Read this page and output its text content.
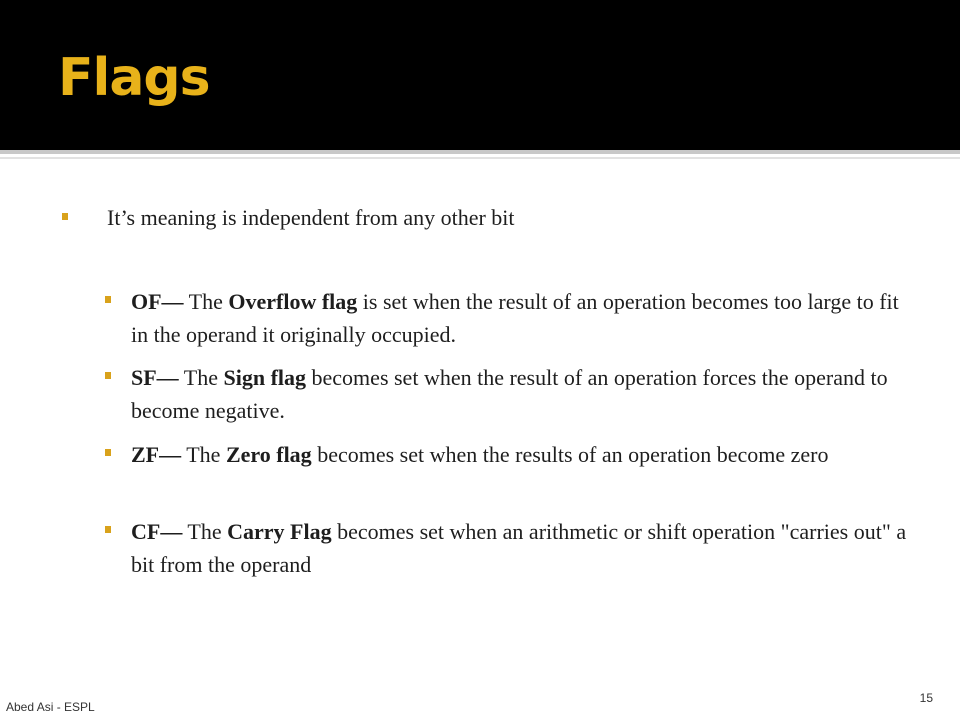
Flags
It’s meaning is independent from any other bit
OF— The Overflow flag is set when the result of an operation becomes too large to fit in the operand it originally occupied.
SF— The Sign flag becomes set when the result of an operation forces the operand to become negative.
ZF— The Zero flag becomes set when the results of an operation become zero
CF— The Carry Flag becomes set when an arithmetic or shift operation "carries out" a bit from the operand
Abed Asi - ESPL
15
